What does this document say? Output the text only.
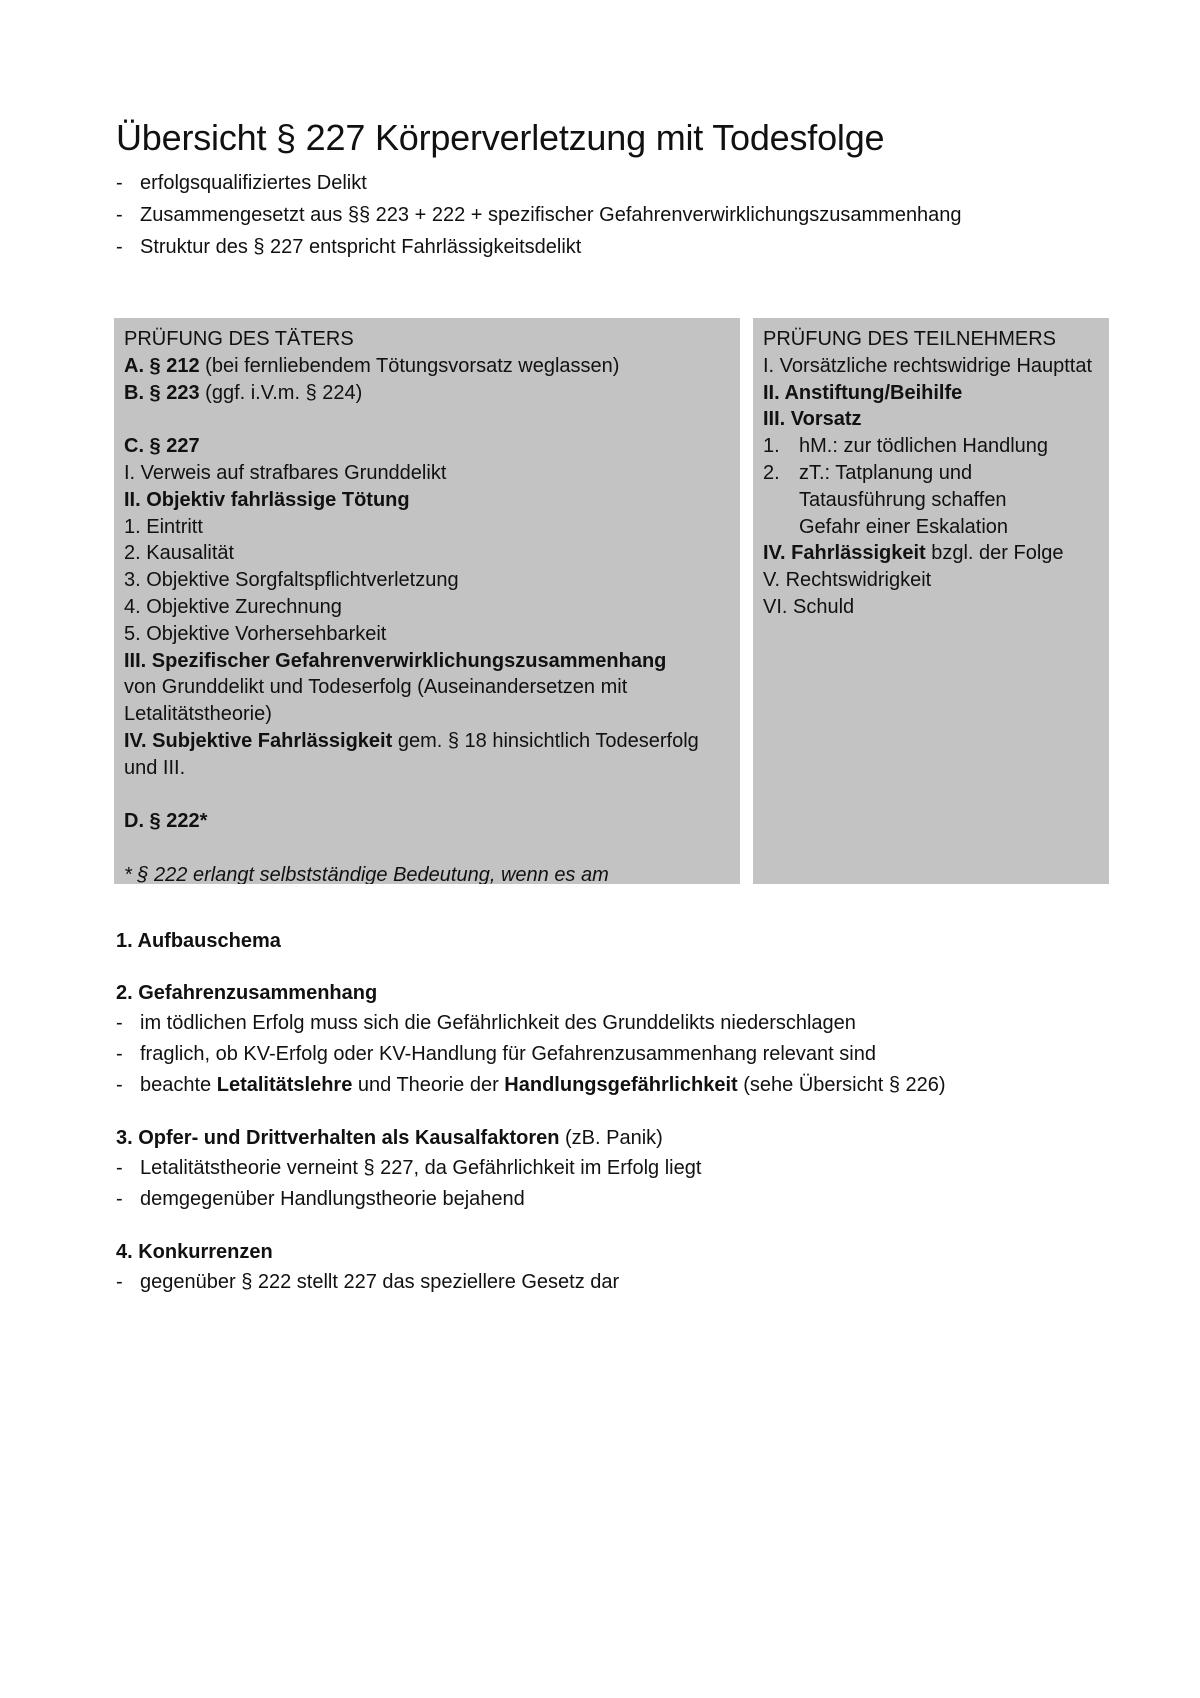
Übersicht § 227 Körperverletzung mit Todesfolge
- erfolgsqualifiziertes Delikt
- Zusammengesetzt aus §§ 223 + 222 + spezifischer Gefahrenverwirklichungszusammenhang
- Struktur des § 227 entspricht Fahrlässigkeitsdelikt
PRÜFUNG DES TÄTERS
A. § 212 (bei fernliebendem Tötungsvorsatz weglassen)
B. § 223 (ggf. i.V.m. § 224)
C. § 227
I. Verweis auf strafbares Grunddelikt
II. Objektiv fahrlässige Tötung
1. Eintritt
2. Kausalität
3. Objektive Sorgfaltspflichtverletzung
4. Objektive Zurechnung
5. Objektive Vorhersehbarkeit
III. Spezifischer Gefahrenverwirklichungszusammenhang
von Grunddelikt und Todeserfolg (Auseinandersetzen mit Letalitätstheorie)
IV. Subjektive Fahrlässigkeit gem. § 18 hinsichtlich Todeserfolg und III.
D. § 222*
* § 222 erlangt selbstständige Bedeutung, wenn es am
PRÜFUNG DES TEILNEHMERS
I. Vorsätzliche rechtswidrige Haupttat
II. Anstiftung/Beihilfe
III. Vorsatz
1. hM.: zur tödlichen Handlung
2. zT.: Tatplanung und Tatausführung schaffen Gefahr einer Eskalation
IV. Fahrlässigkeit bzgl. der Folge
V. Rechtswidrigkeit
VI. Schuld
1. Aufbauschema
2. Gefahrenzusammenhang
- im tödlichen Erfolg muss sich die Gefährlichkeit des Grunddelikts niederschlagen
- fraglich, ob KV-Erfolg oder KV-Handlung für Gefahrenzusammenhang relevant sind
- beachte Letalitätslehre und Theorie der Handlungsgefährlichkeit (sehe Übersicht § 226)
3. Opfer- und Drittverhalten als Kausalfaktoren (zB. Panik)
- Letalitätstheorie verneint § 227, da Gefährlichkeit im Erfolg liegt
- demgegenüber Handlungstheorie bejahend
4. Konkurrenzen
- gegenüber § 222 stellt 227 das speziellere Gesetz dar
